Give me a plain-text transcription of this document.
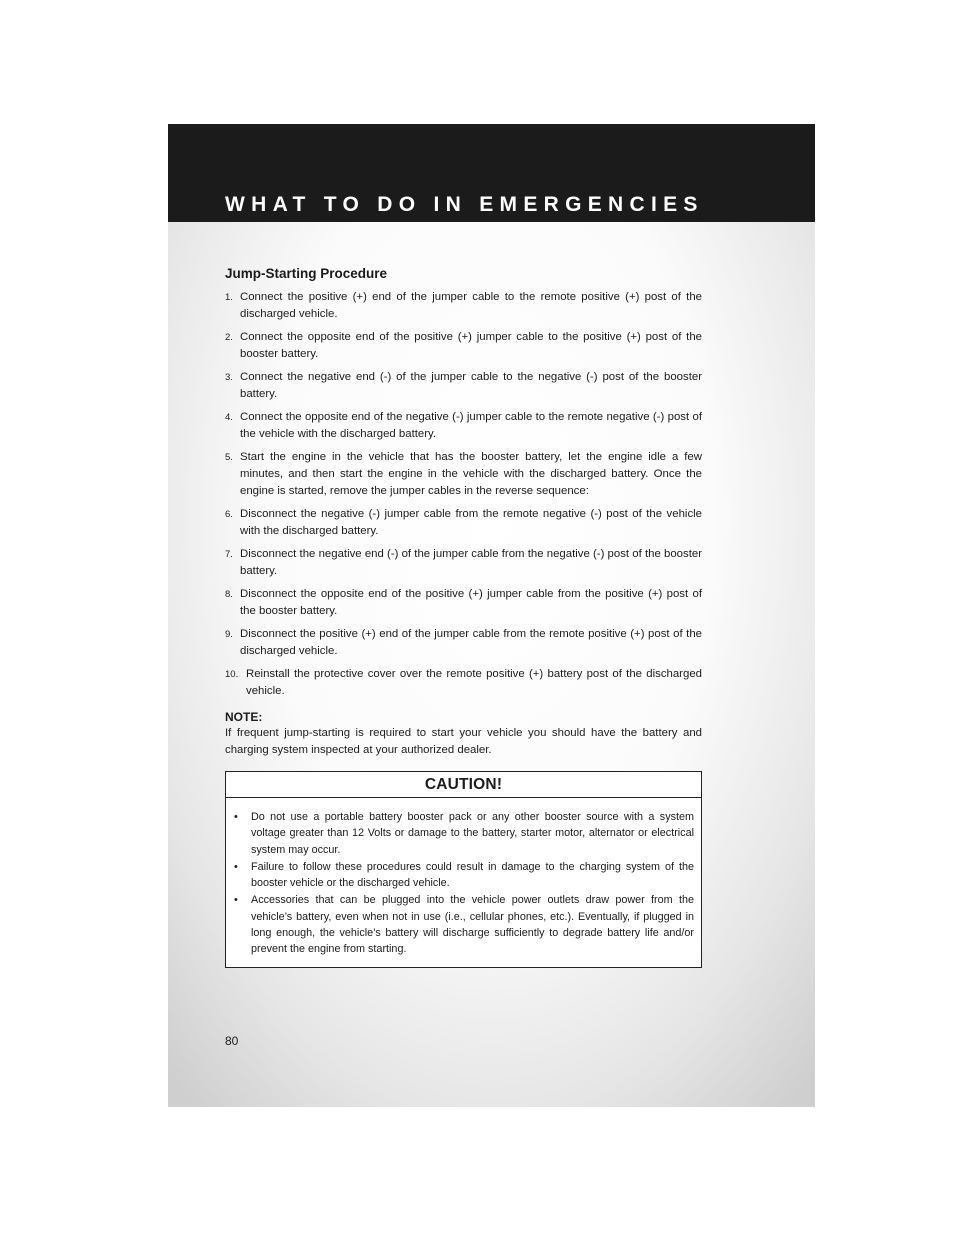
WHAT TO DO IN EMERGENCIES
Jump-Starting Procedure
1. Connect the positive (+) end of the jumper cable to the remote positive (+) post of the discharged vehicle.
2. Connect the opposite end of the positive (+) jumper cable to the positive (+) post of the booster battery.
3. Connect the negative end (-) of the jumper cable to the negative (-) post of the booster battery.
4. Connect the opposite end of the negative (-) jumper cable to the remote negative (-) post of the vehicle with the discharged battery.
5. Start the engine in the vehicle that has the booster battery, let the engine idle a few minutes, and then start the engine in the vehicle with the discharged battery. Once the engine is started, remove the jumper cables in the reverse sequence:
6. Disconnect the negative (-) jumper cable from the remote negative (-) post of the vehicle with the discharged battery.
7. Disconnect the negative end (-) of the jumper cable from the negative (-) post of the booster battery.
8. Disconnect the opposite end of the positive (+) jumper cable from the positive (+) post of the booster battery.
9. Disconnect the positive (+) end of the jumper cable from the remote positive (+) post of the discharged vehicle.
10. Reinstall the protective cover over the remote positive (+) battery post of the discharged vehicle.
NOTE:

If frequent jump-starting is required to start your vehicle you should have the battery and charging system inspected at your authorized dealer.

CAUTION!
• Do not use a portable battery booster pack or any other booster source with a system voltage greater than 12 Volts or damage to the battery, starter motor, alternator or electrical system may occur.
• Failure to follow these procedures could result in damage to the charging system of the booster vehicle or the discharged vehicle.
• Accessories that can be plugged into the vehicle power outlets draw power from the vehicle’s battery, even when not in use (i.e., cellular phones, etc.). Eventually, if plugged in long enough, the vehicle’s battery will discharge sufficiently to degrade battery life and/or prevent the engine from starting.
80
